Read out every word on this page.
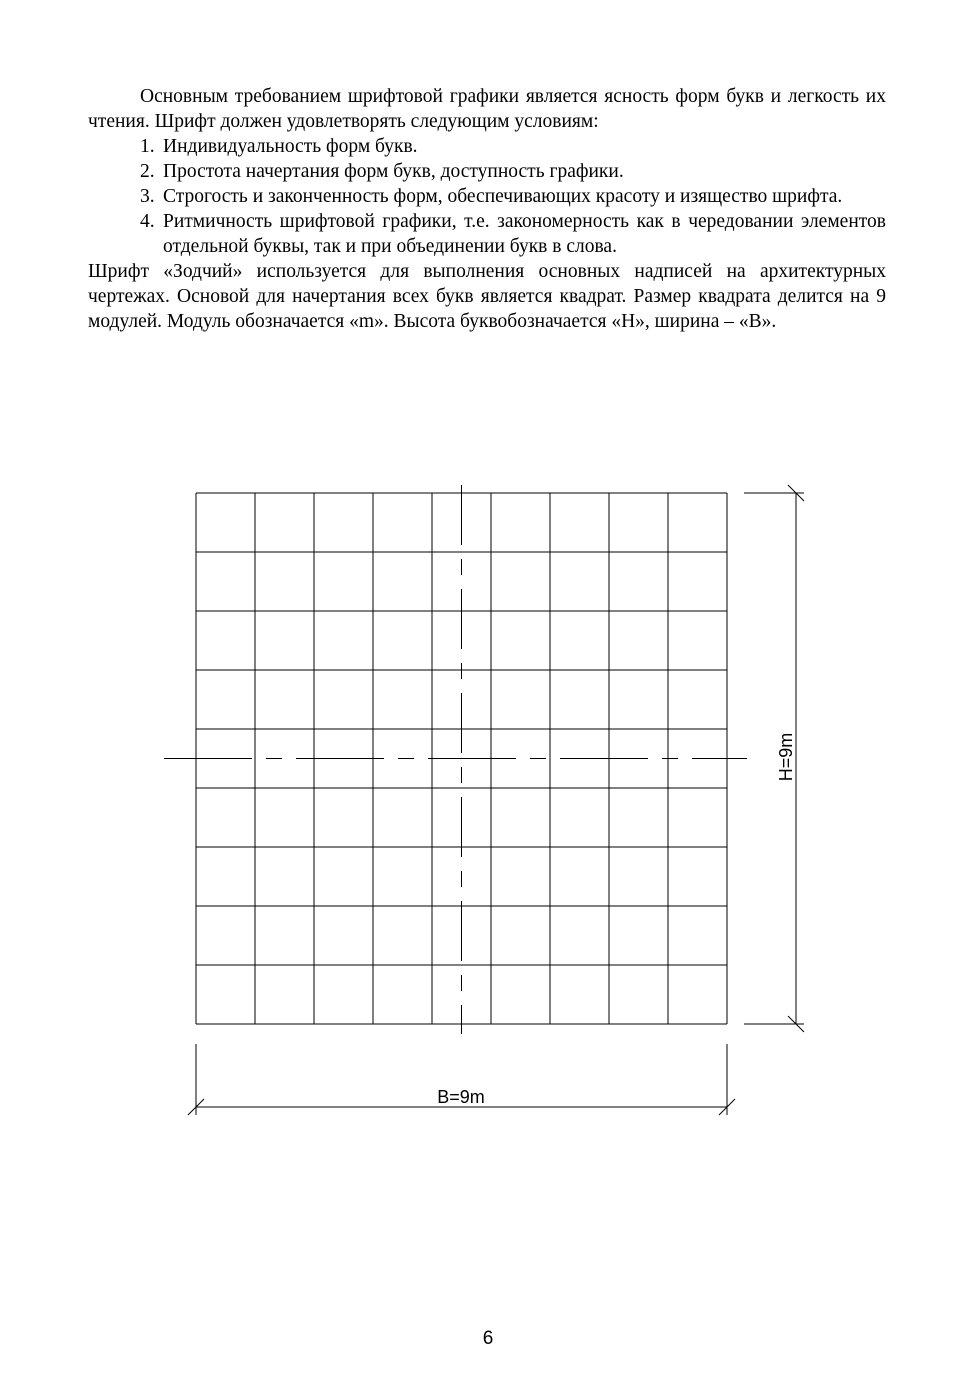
Основным требованием шрифтовой графики является ясность форм букв и легкость их чтения. Шрифт должен удовлетворять следующим условиям:

1. Индивидуальность форм букв.
2. Простота начертания форм букв, доступность графики.
3. Строгость и законченность форм, обеспечивающих красоту и изящество шрифта.
4. Ритмичность шрифтовой графики, т.е. закономерность как в чередовании элементов отдельной буквы, так и при объединении букв в слова.

Шрифт «Зодчий» используется для выполнения основных надписей на архитектурных чертежах. Основой для начертания всех букв является квадрат. Размер квадрата делится на 9 модулей. Модуль обозначается «m». Высота буквобозначается «Н», ширина – «В».

B=9m
H=9m
6
